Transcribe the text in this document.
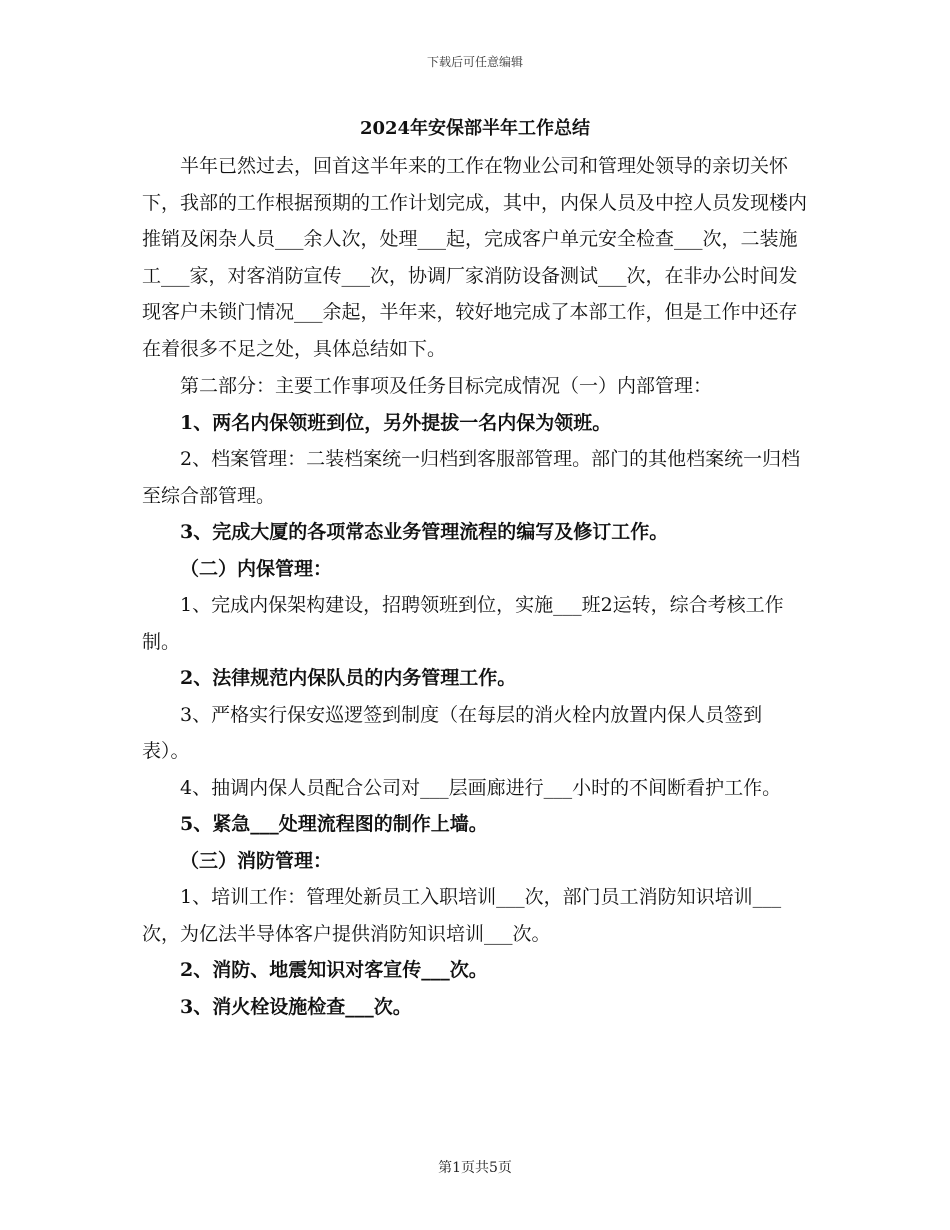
下载后可任意编辑
2024年安保部半年工作总结

半年已然过去，回首这半年来的工作在物业公司和管理处领导的亲切关怀下，我部的工作根据预期的工作计划完成，其中，内保人员及中控人员发现楼内推销及闲杂人员___余人次，处理___起，完成客户单元安全检查___次，二装施工___家，对客消防宣传___次，协调厂家消防设备测试___次，在非办公时间发现客户未锁门情况___余起，半年来，较好地完成了本部工作，但是工作中还存在着很多不足之处，具体总结如下。

第二部分：主要工作事项及任务目标完成情况（一）内部管理：

1、两名内保领班到位，另外提拔一名内保为领班。

2、档案管理：二装档案统一归档到客服部管理。部门的其他档案统一归档至综合部管理。

3、完成大厦的各项常态业务管理流程的编写及修订工作。

（二）内保管理：

1、完成内保架构建设，招聘领班到位，实施___班2运转，综合考核工作制。

2、法律规范内保队员的内务管理工作。

3、严格实行保安巡逻签到制度（在每层的消火栓内放置内保人员签到表）。

4、抽调内保人员配合公司对___层画廊进行___小时的不间断看护工作。

5、紧急___处理流程图的制作上墙。

（三）消防管理：

1、培训工作：管理处新员工入职培训___次，部门员工消防知识培训___次，为亿法半导体客户提供消防知识培训___次。

2、消防、地震知识对客宣传___次。

3、消火栓设施检查___次。

第1页共5页
